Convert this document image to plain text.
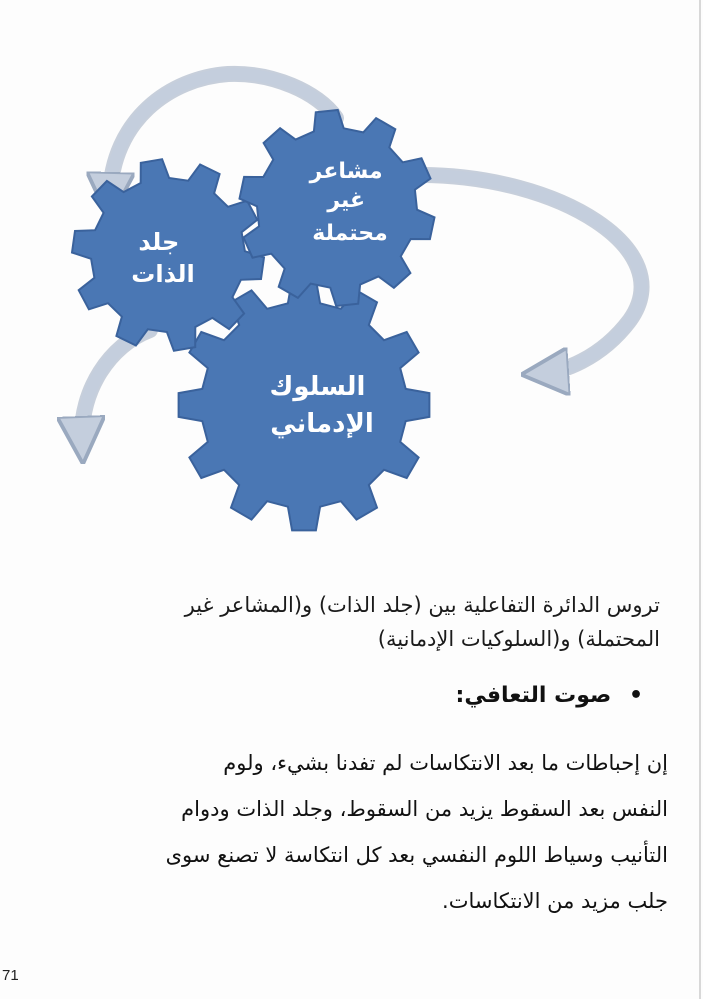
السلوك الإدماني
جلد الذات
مشاعر غير محتملة
تروس الدائرة التفاعلية بين (جلد الذات) و(المشاعر غير
المحتملة) و(السلوكيات الإدمانية)
• صوت التعافي:
إن إحباطات ما بعد الانتكاسات لم تفدنا بشيء، ولوم
النفس بعد السقوط يزيد من السقوط، وجلد الذات ودوام
التأنيب وسياط اللوم النفسي بعد كل انتكاسة لا تصنع سوى
جلب مزيد من الانتكاسات.
71
